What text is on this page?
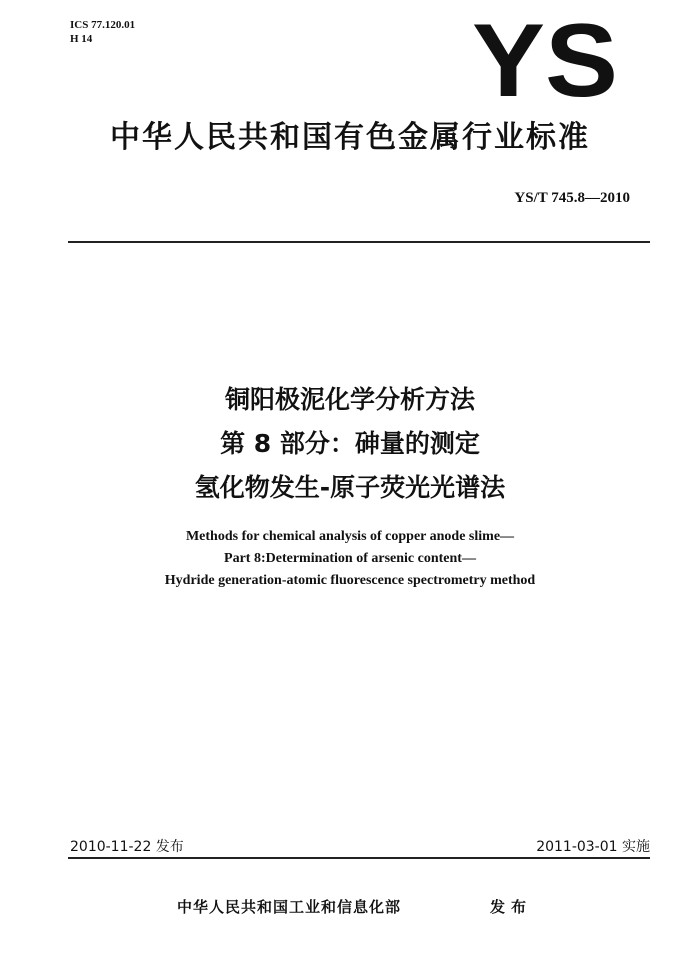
ICS 77.120.01
H 14	YS
中华人民共和国有色金属行业标准
YS/T 745.8—2010
铜阳极泥化学分析方法
第 8 部分：砷量的测定
氢化物发生-原子荧光光谱法
Methods for chemical analysis of copper anode slime—
Part 8:Determination of arsenic content—
Hydride generation-atomic fluorescence spectrometry method
2010-11-22 发布	2011-03-01 实施
中华人民共和国工业和信息化部	发布
